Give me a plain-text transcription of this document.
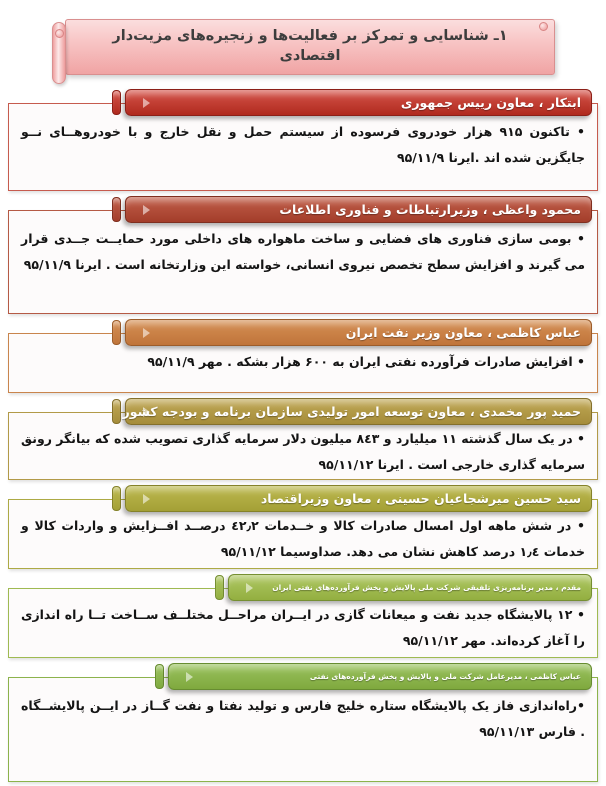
۱ـ شناسایی و تمرکز بر فعالیت‌ها و زنجیره‌های مزیت‌دار اقتصادی
ابتکار ، معاون رییس جمهوری

• تاکنون ۹۱۵ هزار خودروی فرسوده از سیستم حمل و نقل خارج و با خودروهــای نــو جایگزین شده اند .ایرنا ۹۵/۱۱/۹

محمود واعظی ، وزیرارتباطات و فناوری اطلاعات

• بومی سازی فناوری های فضایی و ساخت ماهواره های داخلی مورد حمایــت جــدی قرار می گیرند و افزایش سطح تخصص نیروی انسانی، خواسته این وزارتخانه است . ایرنا ۹۵/۱۱/۹

عباس کاظمی ، معاون وزیر نفت ایران

• افزایش صادرات فرآورده نفتی ایران به ۶۰۰ هزار بشکه . مهر ۹۵/۱۱/۹

حمید پور مخمدی ، معاون توسعه امور تولیدی سازمان برنامه و بودجه کشور

• در یک سال گذشته ۱۱ میلیارد و ٨٤٣ میلیون دلار سرمایه گذاری تصویب شده که بیانگر رونق سرمایه گذاری خارجی است . ایرنا ۹۵/۱۱/۱۲

سید حسین میرشجاعیان حسینی ، معاون وزیراقتصاد

• در شش ماهه اول امسال صادرات کالا و خــدمات ٤٢٫٢ درصــد افــزایش و واردات کالا و خدمات ١٫٤ درصد کاهش نشان می دهد. صداوسیما ۹۵/۱۱/۱۲

مقدم ، مدیر برنامه‌ریزی تلفیقی شرکت ملی پالایش و پخش فرآورده‌های نفتی ایران

• ۱۲ پالایشگاه جدید نفت و میعانات گازی در ایــران مراحــل مختلــف ســاخت تــا راه اندازی را آغاز کرده‌اند. مهر ۹۵/۱۱/۱۲

عباس کاظمی ، مدیرعامل شرکت ملی و پالایش و پخش فرآورده‌های نفتی

•راه‌اندازی فاز یک پالایشگاه ستاره خلیج فارس و تولید نفتا و نفت گــاز در ایــن پالایشــگاه . فارس ۹۵/۱۱/۱۳
